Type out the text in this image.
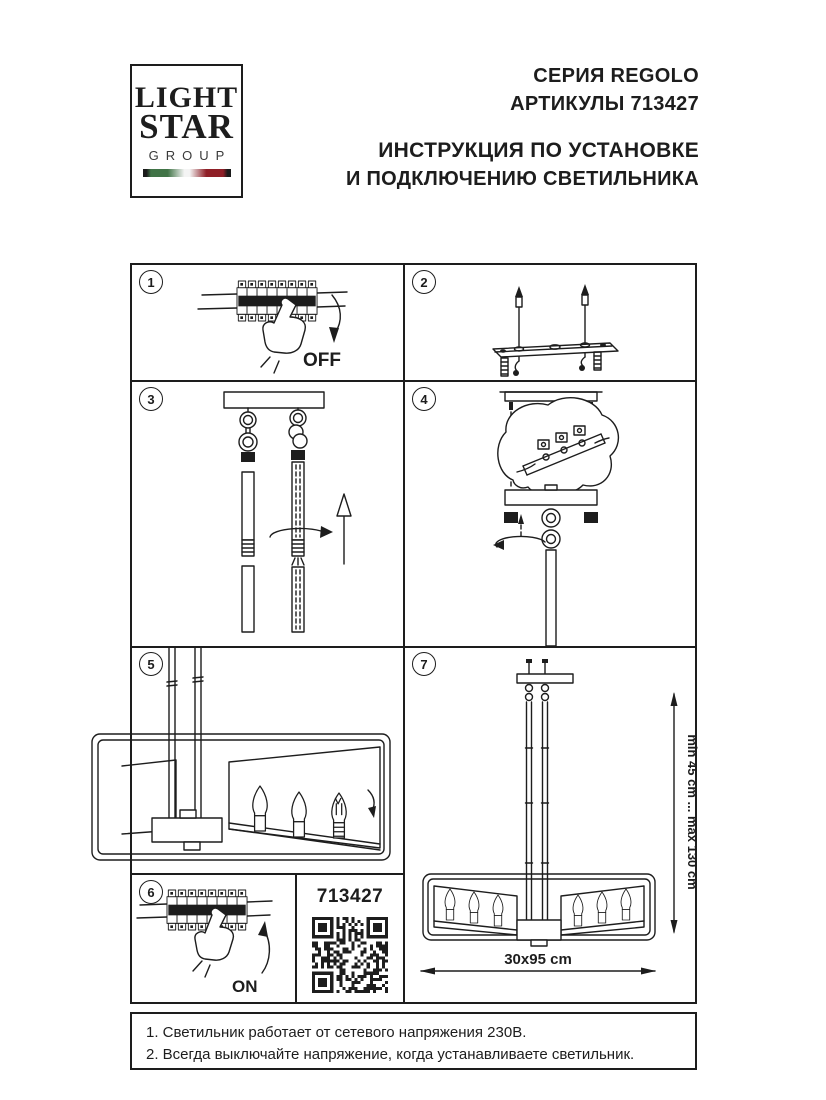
LIGHT
STAR
GROUP
СЕРИЯ REGOLO
АРТИКУЛЫ 713427
ИНСТРУКЦИЯ ПО УСТАНОВКЕ
И ПОДКЛЮЧЕНИЮ СВЕТИЛЬНИКА
1	2
3	4
5
6
7
OFF
ON
713427
min 45 cm ... max 130 cm
30x95 cm
1. Светильник работает от сетевого напряжения 230В.
2. Всегда выключайте напряжение, когда устанавливаете светильник.
